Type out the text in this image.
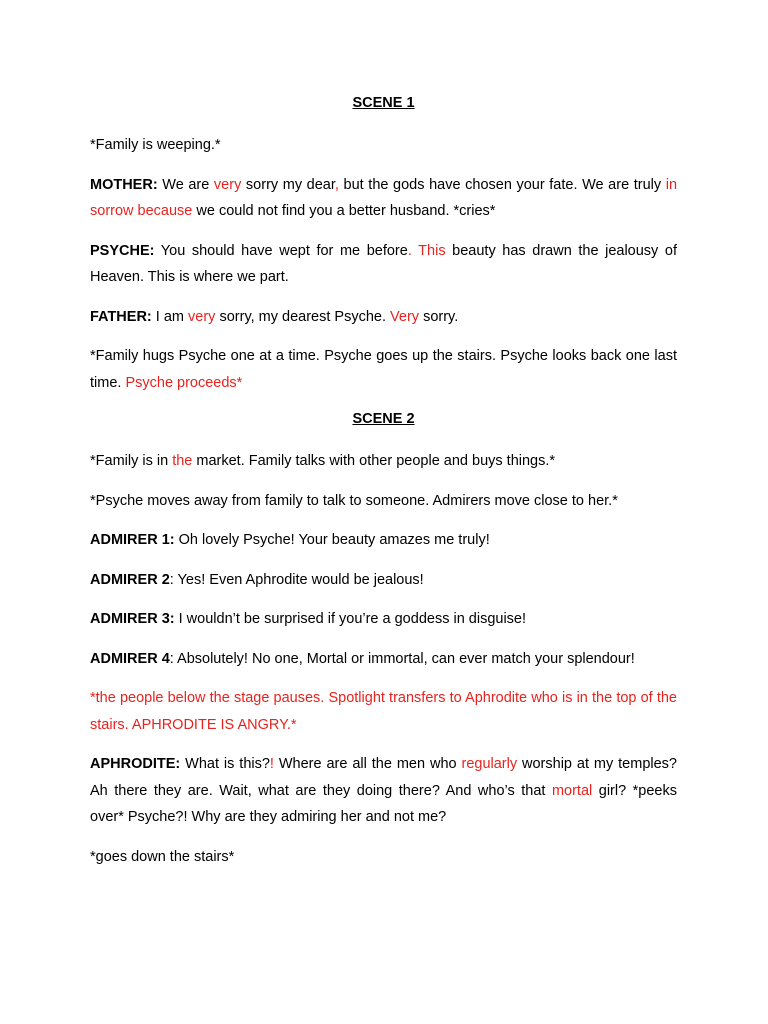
SCENE 1

*Family is weeping.*

MOTHER: We are very sorry my dear, but the gods have chosen your fate. We are truly in sorrow because we could not find you a better husband. *cries*

PSYCHE: You should have wept for me before. This beauty has drawn the jealousy of Heaven. This is where we part.

FATHER: I am very sorry, my dearest Psyche. Very sorry.

*Family hugs Psyche one at a time. Psyche goes up the stairs. Psyche looks back one last time. Psyche proceeds*

SCENE 2

*Family is in the market. Family talks with other people and buys things.*

*Psyche moves away from family to talk to someone. Admirers move close to her.*

ADMIRER 1: Oh lovely Psyche! Your beauty amazes me truly!

ADMIRER 2: Yes! Even Aphrodite would be jealous!

ADMIRER 3: I wouldn’t be surprised if you’re a goddess in disguise!

ADMIRER 4: Absolutely! No one, Mortal or immortal, can ever match your splendour!

*the people below the stage pauses. Spotlight transfers to Aphrodite who is in the top of the stairs. APHRODITE IS ANGRY.*

APHRODITE: What is this?! Where are all the men who regularly worship at my temples? Ah there they are. Wait, what are they doing there? And who’s that mortal girl? *peeks over* Psyche?! Why are they admiring her and not me?

*goes down the stairs*
